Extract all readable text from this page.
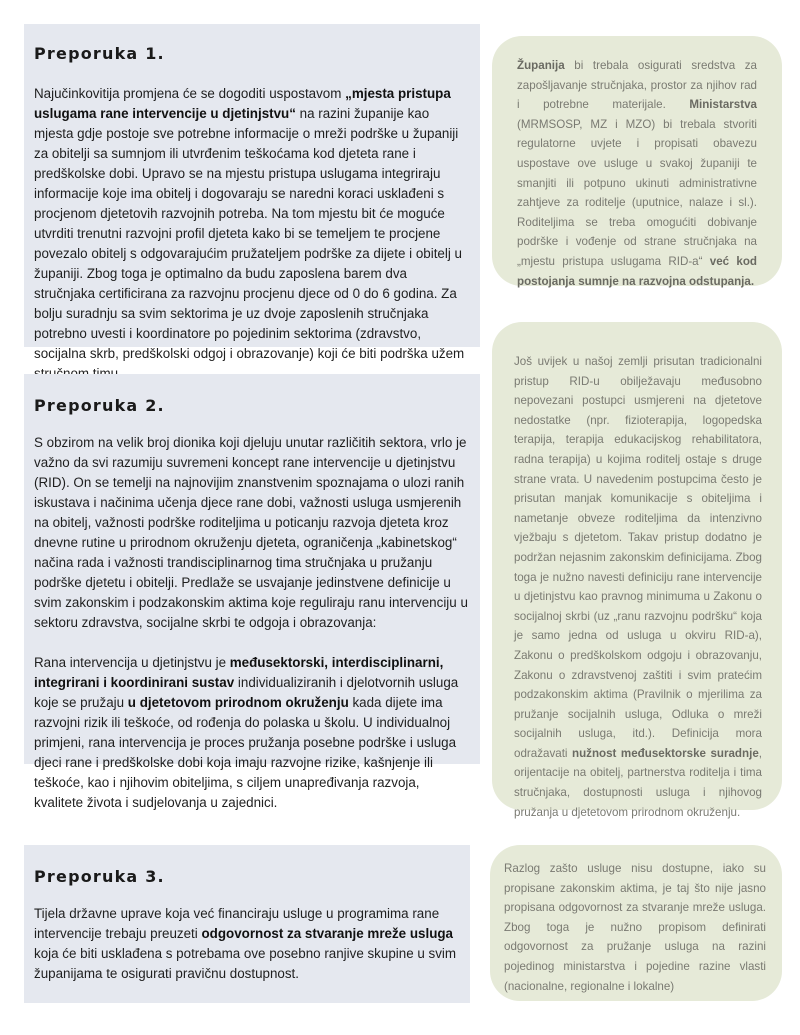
Preporuka 1.

Najučinkovitija promjena će se dogoditi uspostavom „mjesta pristupa uslugama rane intervencije u djetinjstvu“ na razini županije kao mjesta gdje postoje sve potrebne informacije o mreži podrške u županiji za obitelji sa sumnjom ili utvrđenim teškoćama kod djeteta rane i predškolske dobi. Upravo se na mjestu pristupa uslugama integriraju informacije koje ima obitelj i dogovaraju se naredni koraci usklađeni s procjenom djetetovih razvojnih potreba. Na tom mjestu bit će moguće utvrditi trenutni razvojni profil djeteta kako bi se temeljem te procjene povezalo obitelj s odgovarajućim pružateljem podrške za dijete i obitelj u županiji. Zbog toga je optimalno da budu zaposlena barem dva stručnjaka certificirana za razvojnu procjenu djece od 0 do 6 godina. Za bolju suradnju sa svim sektorima je uz dvoje zaposlenih stručnjaka potrebno uvesti i koordinatore po pojedinim sektorima (zdravstvo, socijalna skrb, predškolski odgoj i obrazovanje) koji će biti podrška užem

Županija bi trebala osigurati sredstva za zapošljavanje stručnjaka, prostor za njihov rad i potrebne materijale. Ministarstva (MRMSOSP, MZ i MZO) bi trebala stvoriti regulatorne uvjete i propisati obavezu uspostave ove usluge u svakoj županiji te smanjiti ili potpuno ukinuti administrativne zahtjeve za roditelje (uputnice, nalaze i sl.). Roditeljima se treba omogućiti dobivanje podrške i vođenje od strane stručnjaka na „mjestu pristupa uslugama RID-a“ već kod postojanja sumnje na razvojna odstupanja.
Preporuka 2.

S obzirom na velik broj dionika koji djeluju unutar različitih sektora, vrlo je važno da svi razumiju suvremeni koncept rane intervencije u djetinjstvu (RID). On se temelji na najnovijim znanstvenim spoznajama o ulozi ranih iskustava i načinima učenja djece rane dobi, važnosti usluga usmjerenih na obitelj, važnosti podrške roditeljima u poticanju razvoja djeteta kroz dnevne rutine u prirodnom okruženju djeteta, ograničenja „kabinetskog“ načina rada i važnosti trandisciplinarnog tima stručnjaka u pružanju podrške djetetu i obitelji. Predlaže se usvajanje jedinstvene definicije u svim zakonskim i podzakonskim aktima koje reguliraju ranu intervenciju u sektoru zdravstva, socijalne skrbi te odgoja i obrazovanja:

Rana intervencija u djetinjstvu je međusektorski, interdisciplinarni, integrirani i koordinirani sustav individualiziranih i djelotvornih usluga koje se pružaju u djetetovom prirodnom okruženju kada dijete ima razvojni rizik ili teškoće, od rođenja do polaska u školu. U individualnoj primjeni, rana intervencija je proces pružanja posebne podrške i usluga djeci rane i predškolske dobi koja imaju razvojne rizike, kašnjenje ili teškoće, kao i njihovim obiteljima, s ciljem unapređivanja razvoja, kvalitete života i sudjelovanja u zajednici.

Još uvijek u našoj zemlji prisutan tradicionalni pristup RID-u obilježavaju međusobno nepovezani postupci usmjereni na djetetove nedostatke (npr. fizioterapija, logopedska terapija, terapija edukacijskog rehabilitatora, radna terapija) u kojima roditelj ostaje s druge strane vrata. U navedenim postupcima često je prisutan manjak komunikacije s obiteljima i nametanje obveze roditeljima da intenzivno vježbaju s djetetom. Takav pristup dodatno je podržan nejasnim zakonskim definicijama. Zbog toga je nužno navesti definiciju rane intervencije u djetinjstvu kao pravnog minimuma u Zakonu o socijalnoj skrbi (uz „ranu razvojnu podršku“ koja je samo jedna od usluga u okviru RID-a), Zakonu o predškolskom odgoju i obrazovanju, Zakonu o zdravstvenoj zaštiti i svim pratećim podzakonskim aktima (Pravilnik o mjerilima za pružanje socijalnih usluga, Odluka o mreži socijalnih usluga, itd.). Definicija mora odražavati nužnost međusektorske suradnje, orijentacije na obitelj, partnerstva roditelja i tima stručnjaka, dostupnosti usluga i njihovog pružanja u djetetovom prirodnom okruženju.
Preporuka 3.

Tijela državne uprave koja već financiraju usluge u programima rane intervencije trebaju preuzeti odgovornost za stvaranje mreže usluga koja će biti usklađena s potrebama ove posebno ranjive skupine u svim županijama te osigurati pravičnu dostupnost.

Razlog zašto usluge nisu dostupne, iako su propisane zakonskim aktima, je taj što nije jasno propisana odgovornost za stvaranje mreže usluga. Zbog toga je nužno propisom definirati odgovornost za pružanje usluga na razini pojedinog ministarstva i pojedine razine vlasti (nacionalne, regionalne i lokalne)
